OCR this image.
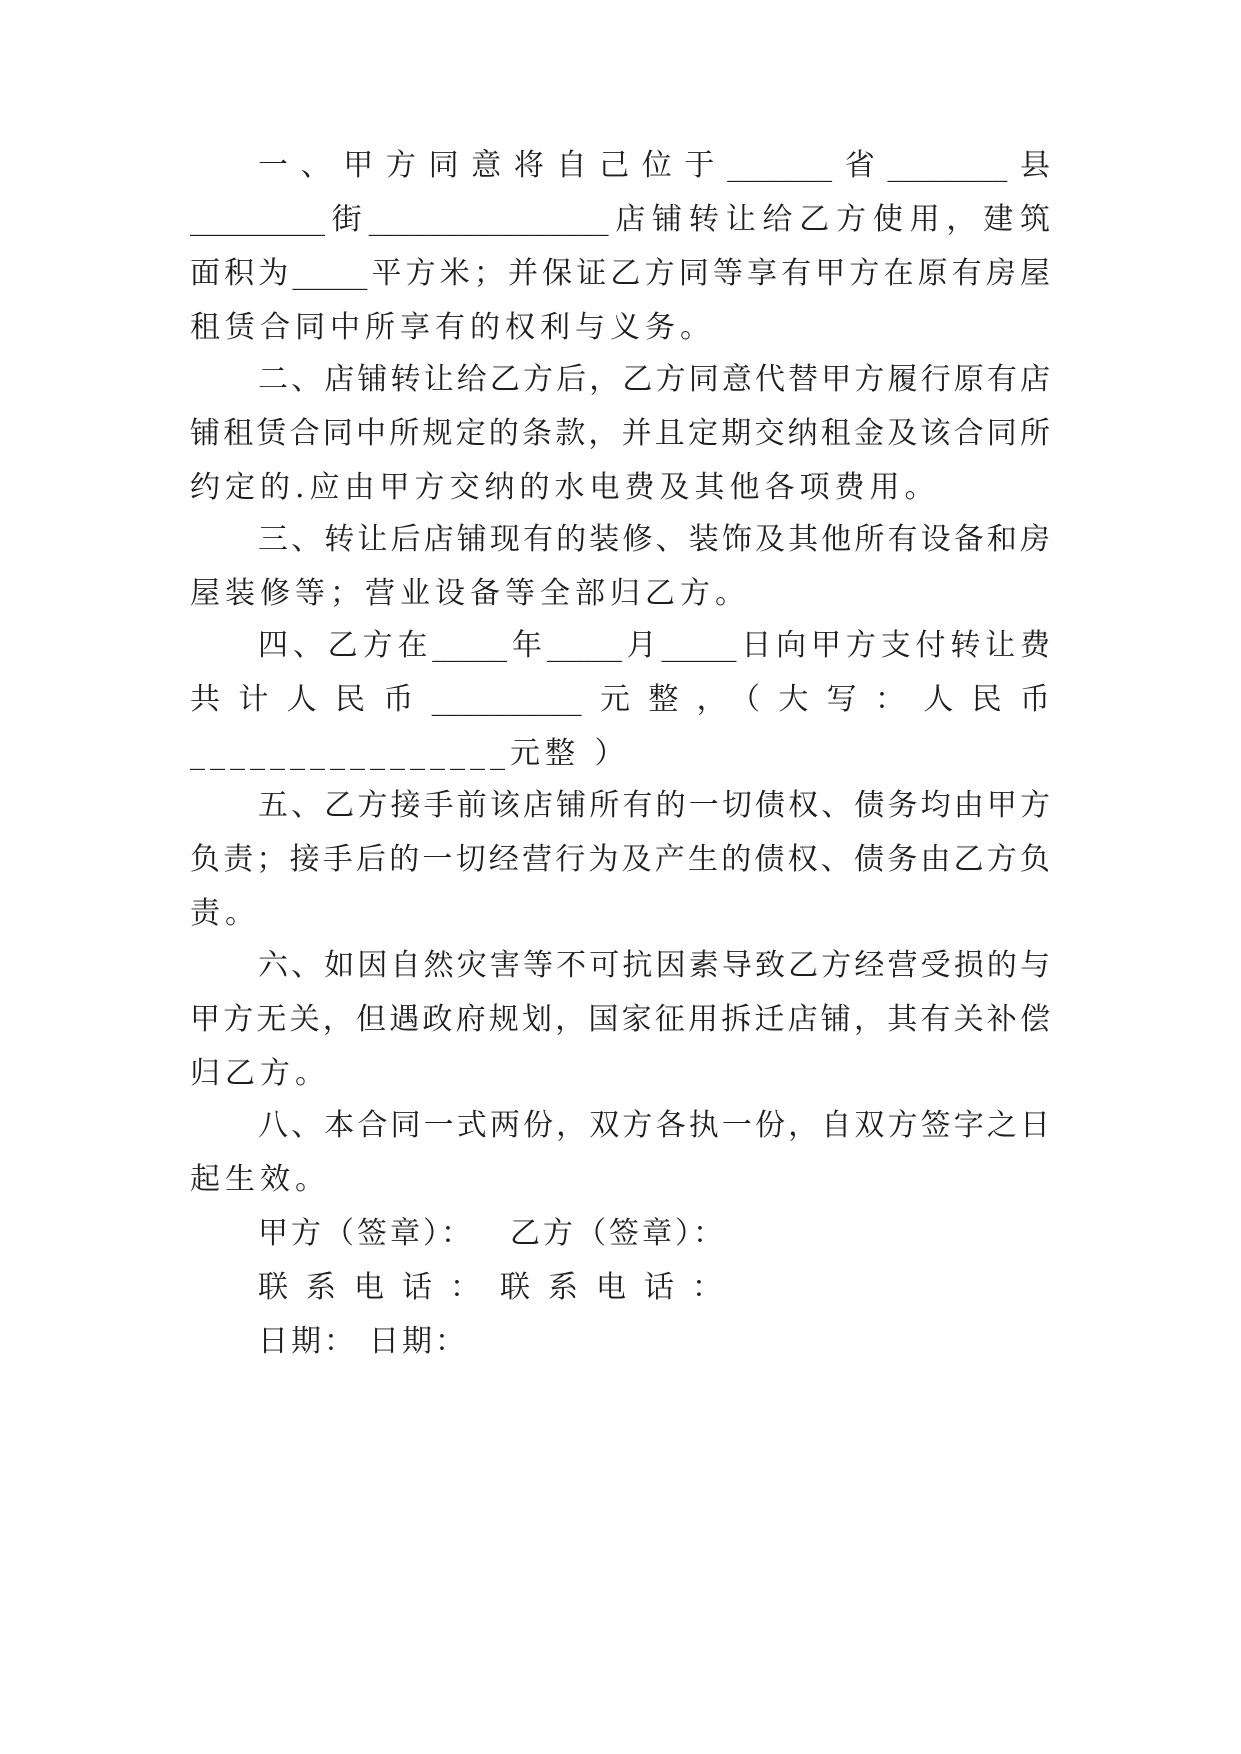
一、甲方同意将自己位于_______省________县
_________街________________店铺转让给乙方使用，建筑
面积为_____平方米；并保证乙方同等享有甲方在原有房屋
租赁合同中所享有的权利与义务。
二、店铺转让给乙方后，乙方同意代替甲方履行原有店
铺租赁合同中所规定的条款，并且定期交纳租金及该合同所
约定的.应由甲方交纳的水电费及其他各项费用。
三、转让后店铺现有的装修、装饰及其他所有设备和房
屋装修等；营业设备等全部归乙方。
四、乙方在_____年_____月_____日向甲方支付转让费
共计人民币__________元整，（大写：人民币
________________元整 ）
五、乙方接手前该店铺所有的一切债权、债务均由甲方
负责；接手后的一切经营行为及产生的债权、债务由乙方负
责。
六、如因自然灾害等不可抗因素导致乙方经营受损的与
甲方无关，但遇政府规划，国家征用拆迁店铺，其有关补偿
归乙方。
八、本合同一式两份，双方各执一份，自双方签字之日
起生效。
甲方（签章）： 乙方（签章）：
联系电话：联系电话：
日期： 日期：
